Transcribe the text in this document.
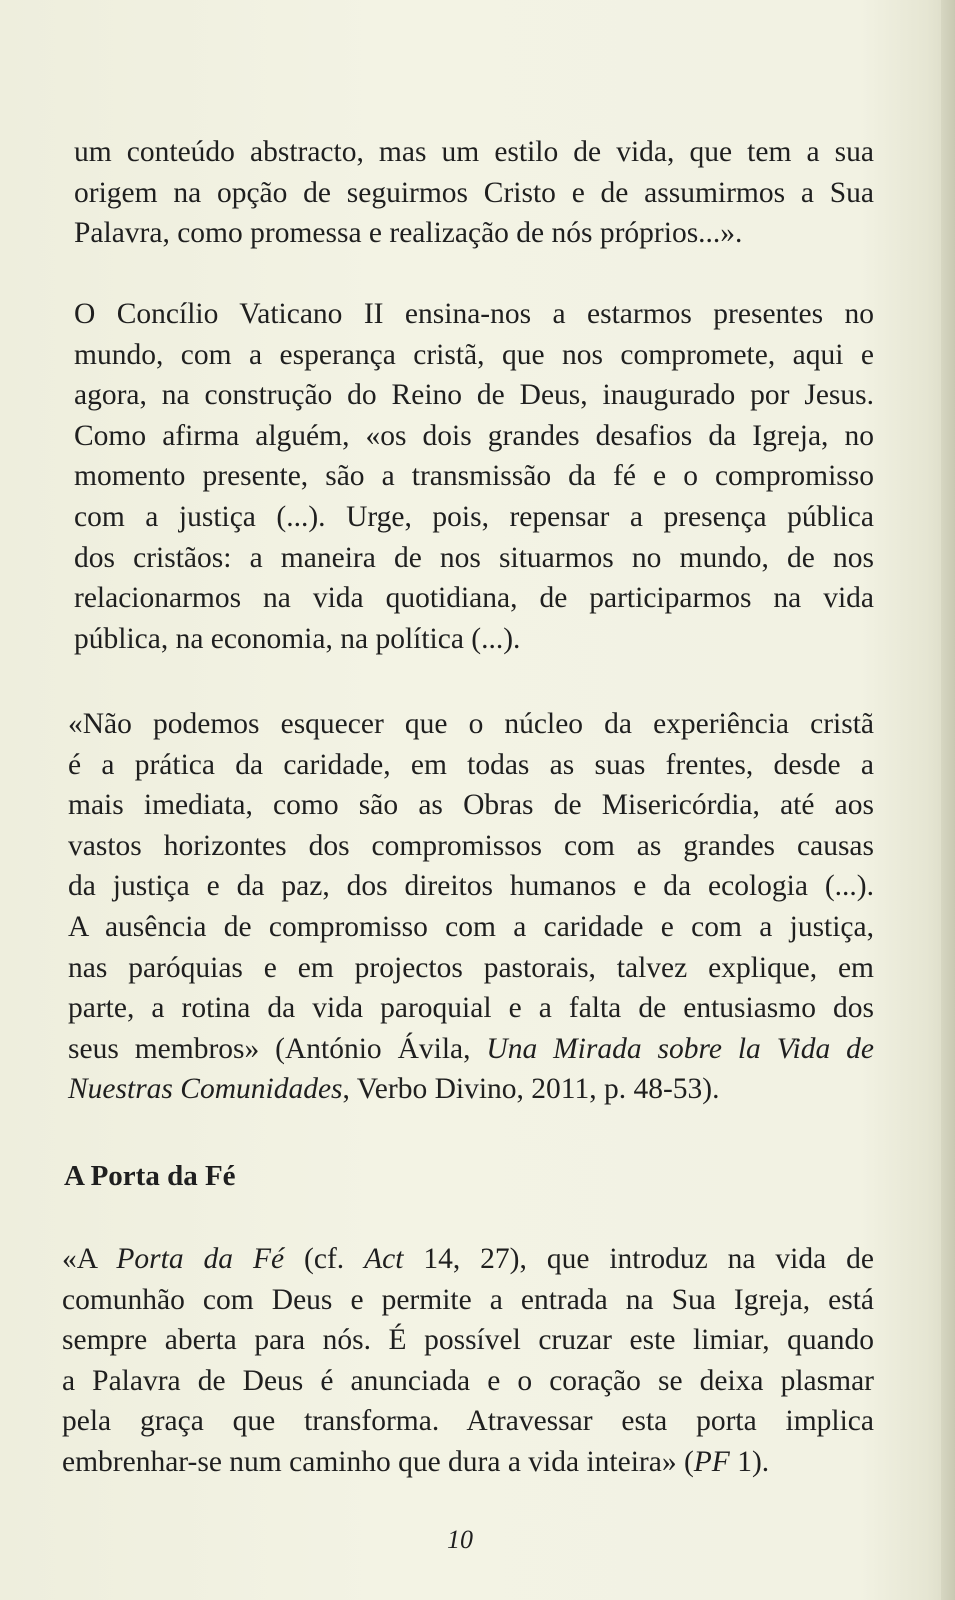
um conteúdo abstracto, mas um estilo de vida, que tem a sua
origem na opção de seguirmos Cristo e de assumirmos a Sua
Palavra, como promessa e realização de nós próprios...».

O Concílio Vaticano II ensina-nos a estarmos presentes no
mundo, com a esperança cristã, que nos compromete, aqui e
agora, na construção do Reino de Deus, inaugurado por Jesus.
Como afirma alguém, «os dois grandes desafios da Igreja, no
momento presente, são a transmissão da fé e o compromisso
com a justiça (...). Urge, pois, repensar a presença pública
dos cristãos: a maneira de nos situarmos no mundo, de nos
relacionarmos na vida quotidiana, de participarmos na vida
pública, na economia, na política (...).

«Não podemos esquecer que o núcleo da experiência cristã
é a prática da caridade, em todas as suas frentes, desde a
mais imediata, como são as Obras de Misericórdia, até aos
vastos horizontes dos compromissos com as grandes causas
da justiça e da paz, dos direitos humanos e da ecologia (...).
A ausência de compromisso com a caridade e com a justiça,
nas paróquias e em projectos pastorais, talvez explique, em
parte, a rotina da vida paroquial e a falta de entusiasmo dos
seus membros» (António Ávila, Una Mirada sobre la Vida de
Nuestras Comunidades, Verbo Divino, 2011, p. 48-53).

A Porta da Fé

«A Porta da Fé (cf. Act 14, 27), que introduz na vida de
comunhão com Deus e permite a entrada na Sua Igreja, está
sempre aberta para nós. É possível cruzar este limiar, quando
a Palavra de Deus é anunciada e o coração se deixa plasmar
pela graça que transforma. Atravessar esta porta implica
embrenhar-se num caminho que dura a vida inteira» (PF 1).

10
